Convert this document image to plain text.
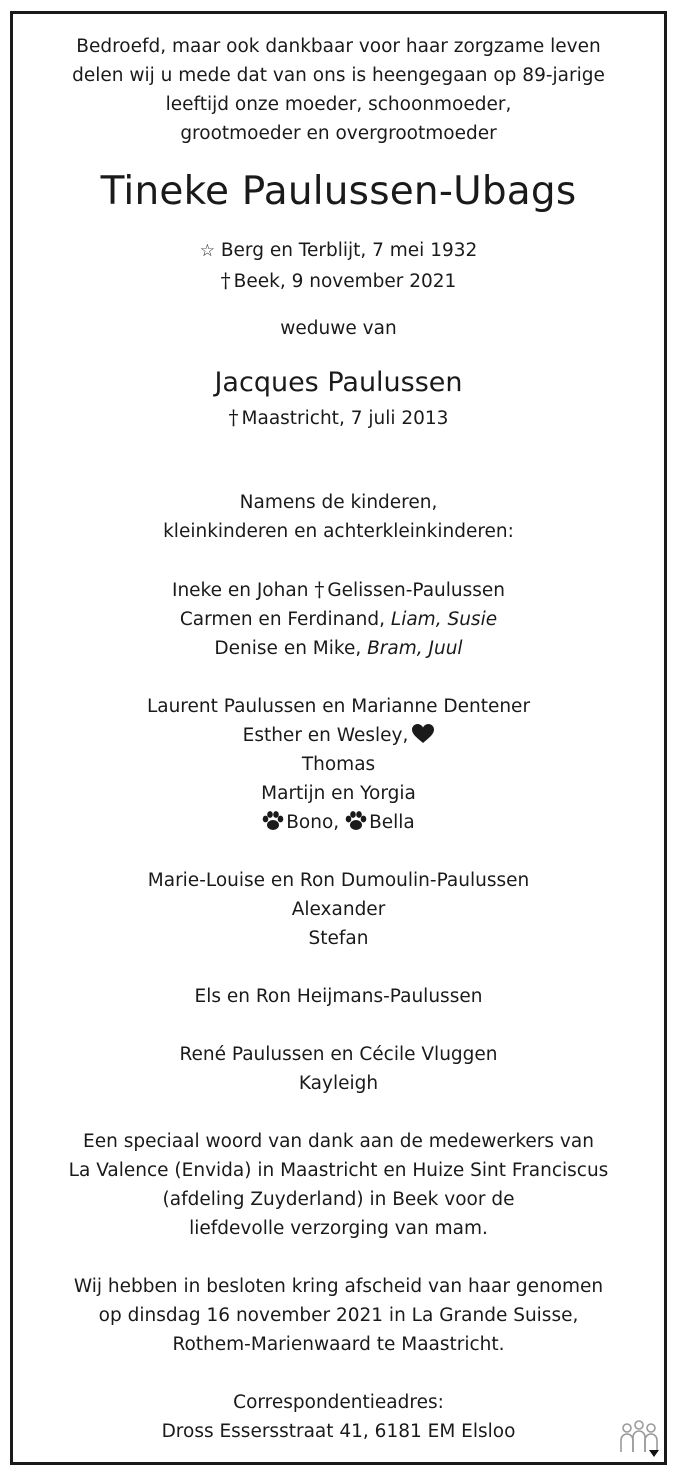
Bedroefd, maar ook dankbaar voor haar zorgzame leven
delen wij u mede dat van ons is heengegaan op 89-jarige
leeftijd onze moeder, schoonmoeder,
grootmoeder en overgrootmoeder
Tineke Paulussen-Ubags
☆ Berg en Terblijt, 7 mei 1932
† Beek, 9 november 2021
weduwe van
Jacques Paulussen
† Maastricht, 7 juli 2013
Namens de kinderen,
kleinkinderen en achterkleinkinderen:
Ineke en Johan † Gelissen-Paulussen
Carmen en Ferdinand, Liam, Susie
Denise en Mike, Bram, Juul
Laurent Paulussen en Marianne Dentener
Esther en Wesley,
Thomas
Martijn en Yorgia
Bono, Bella
Marie-Louise en Ron Dumoulin-Paulussen
Alexander
Stefan
Els en Ron Heijmans-Paulussen
René Paulussen en Cécile Vluggen
Kayleigh
Een speciaal woord van dank aan de medewerkers van
La Valence (Envida) in Maastricht en Huize Sint Franciscus
(afdeling Zuyderland) in Beek voor de
liefdevolle verzorging van mam.
Wij hebben in besloten kring afscheid van haar genomen
op dinsdag 16 november 2021 in La Grande Suisse,
Rothem-Marienwaard te Maastricht.
Correspondentieadres:
Dross Essersstraat 41, 6181 EM Elsloo
